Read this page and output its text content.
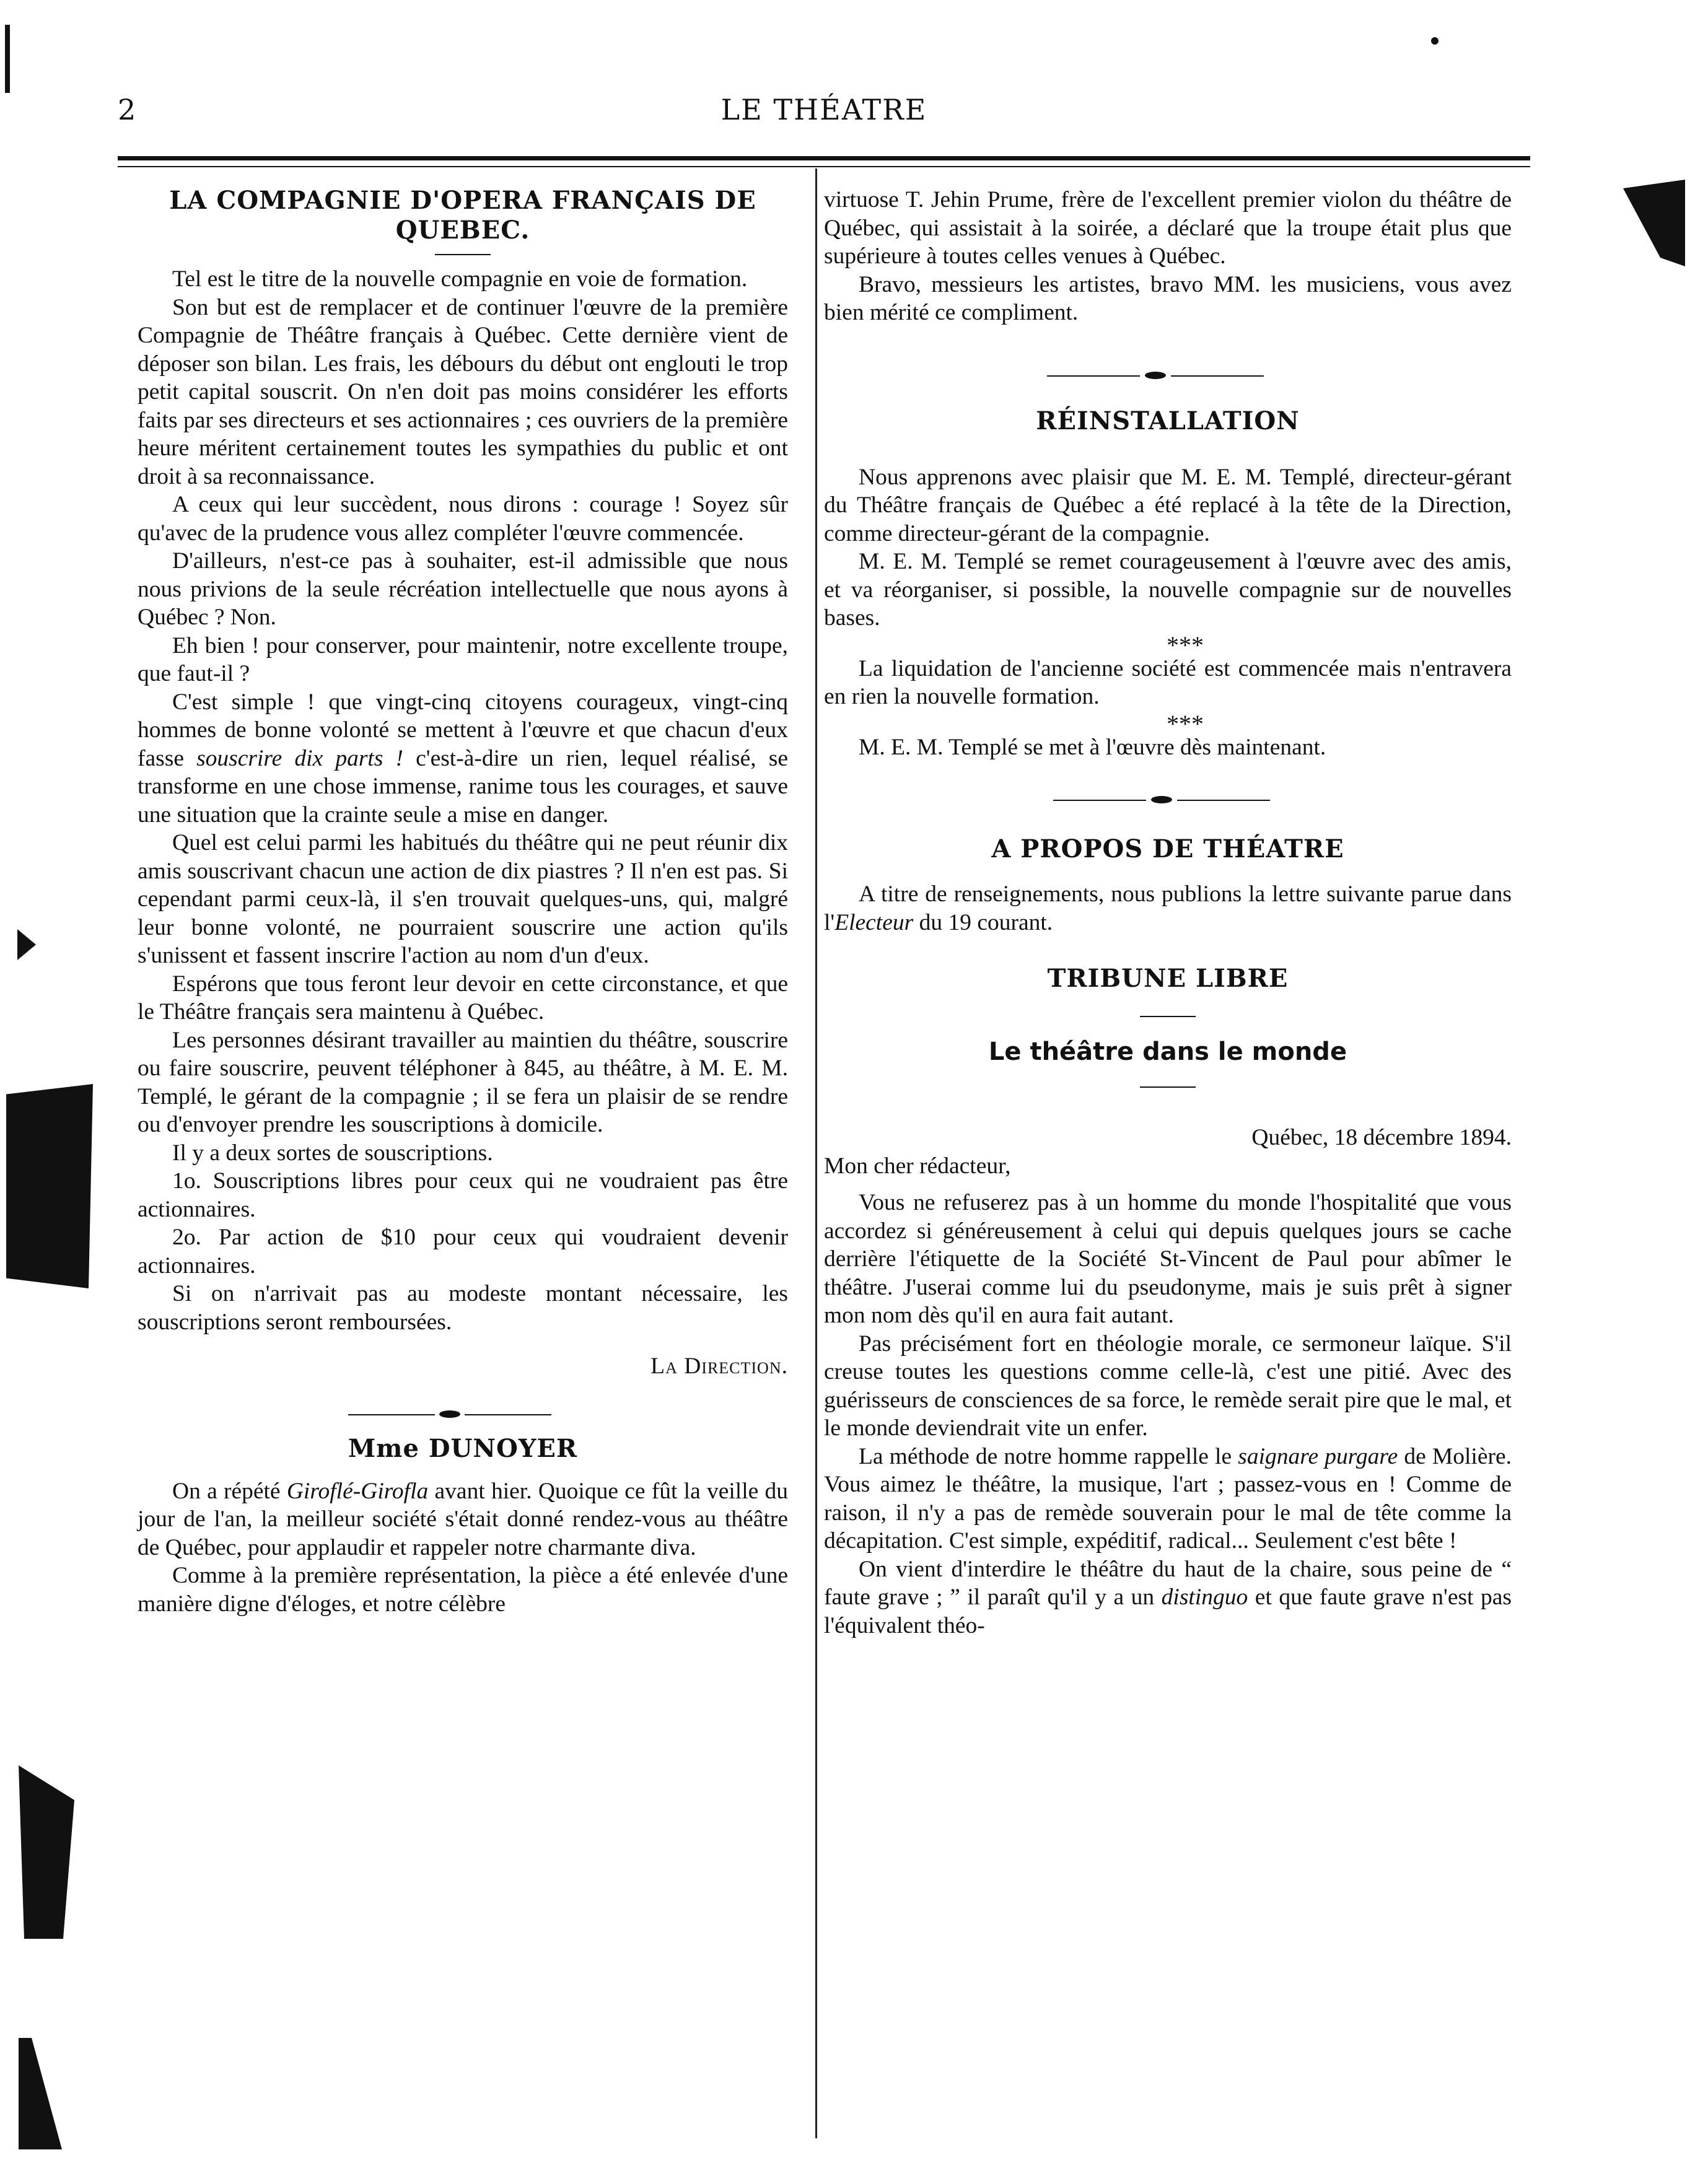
2	LE THÉATRE
LA COMPAGNIE D'OPERA FRANÇAIS DE QUEBEC.

Tel est le titre de la nouvelle compagnie en voie de formation.

Son but est de remplacer et de continuer l'œuvre de la première Compagnie de Théâtre français à Québec. Cette dernière vient de déposer son bilan. Les frais, les débours du début ont englouti le trop petit capital souscrit. On n'en doit pas moins considérer les efforts faits par ses directeurs et ses actionnaires ; ces ouvriers de la première heure méritent certainement toutes les sympathies du public et ont droit à sa reconnaissance.

A ceux qui leur succèdent, nous dirons : courage ! Soyez sûr qu'avec de la prudence vous allez compléter l'œuvre commencée.

D'ailleurs, n'est-ce pas à souhaiter, est-il admissible que nous nous privions de la seule récréation intellectuelle que nous ayons à Québec ? Non.

Eh bien ! pour conserver, pour maintenir, notre excellente troupe, que faut-il ?

C'est simple ! que vingt-cinq citoyens courageux, vingt-cinq hommes de bonne volonté se mettent à l'œuvre et que chacun d'eux fasse souscrire dix parts ! c'est-à-dire un rien, lequel réalisé, se transforme en une chose immense, ranime tous les courages, et sauve une situation que la crainte seule a mise en danger.

Quel est celui parmi les habitués du théâtre qui ne peut réunir dix amis souscrivant chacun une action de dix piastres ? Il n'en est pas. Si cependant parmi ceux-là, il s'en trouvait quelques-uns, qui, malgré leur bonne volonté, ne pourraient souscrire une action qu'ils s'unissent et fassent inscrire l'action au nom d'un d'eux.

Espérons que tous feront leur devoir en cette circonstance, et que le Théâtre français sera maintenu à Québec.

Les personnes désirant travailler au maintien du théâtre, souscrire ou faire souscrire, peuvent téléphoner à 845, au théâtre, à M. E. M. Templé, le gérant de la compagnie ; il se fera un plaisir de se rendre ou d'envoyer prendre les souscriptions à domicile.

Il y a deux sortes de souscriptions.

1o. Souscriptions libres pour ceux qui ne voudraient pas être actionnaires.

2o. Par action de $10 pour ceux qui voudraient devenir actionnaires.

Si on n'arrivait pas au modeste montant nécessaire, les souscriptions seront remboursées.

La Direction.

Mme DUNOYER

On a répété Giroflé-Girofla avant hier. Quoique ce fût la veille du jour de l'an, la meilleur société s'était donné rendez-vous au théâtre de Québec, pour applaudir et rappeler notre charmante diva.

Comme à la première représentation, la pièce a été enlevée d'une manière digne d'éloges, et notre célèbre

virtuose T. Jehin Prume, frère de l'excellent premier violon du théâtre de Québec, qui assistait à la soirée, a déclaré que la troupe était plus que supérieure à toutes celles venues à Québec.

Bravo, messieurs les artistes, bravo MM. les musiciens, vous avez bien mérité ce compliment.

RÉINSTALLATION

Nous apprenons avec plaisir que M. E. M. Templé, directeur-gérant du Théâtre français de Québec a été replacé à la tête de la Direction, comme directeur-gérant de la compagnie.

M. E. M. Templé se remet courageusement à l'œuvre avec des amis, et va réorganiser, si possible, la nouvelle compagnie sur de nouvelles bases.

***

La liquidation de l'ancienne société est commencée mais n'entravera en rien la nouvelle formation.

***

M. E. M. Templé se met à l'œuvre dès maintenant.

A PROPOS DE THÉATRE

A titre de renseignements, nous publions la lettre suivante parue dans l'Electeur du 19 courant.

TRIBUNE LIBRE
Le théâtre dans le monde

Québec, 18 décembre 1894.

Mon cher rédacteur,

Vous ne refuserez pas à un homme du monde l'hospitalité que vous accordez si généreusement à celui qui depuis quelques jours se cache derrière l'étiquette de la Société St-Vincent de Paul pour abîmer le théâtre. J'userai comme lui du pseudonyme, mais je suis prêt à signer mon nom dès qu'il en aura fait autant.

Pas précisément fort en théologie morale, ce sermoneur laïque. S'il creuse toutes les questions comme celle-là, c'est une pitié. Avec des guérisseurs de consciences de sa force, le remède serait pire que le mal, et le monde deviendrait vite un enfer.

La méthode de notre homme rappelle le saignare purgare de Molière. Vous aimez le théâtre, la musique, l'art ; passez-vous en ! Comme de raison, il n'y a pas de remède souverain pour le mal de tête comme la décapitation. C'est simple, expéditif, radical... Seulement c'est bête !

On vient d'interdire le théâtre du haut de la chaire, sous peine de “ faute grave ; ” il paraît qu'il y a un distinguo et que faute grave n'est pas l'équivalent théo-
